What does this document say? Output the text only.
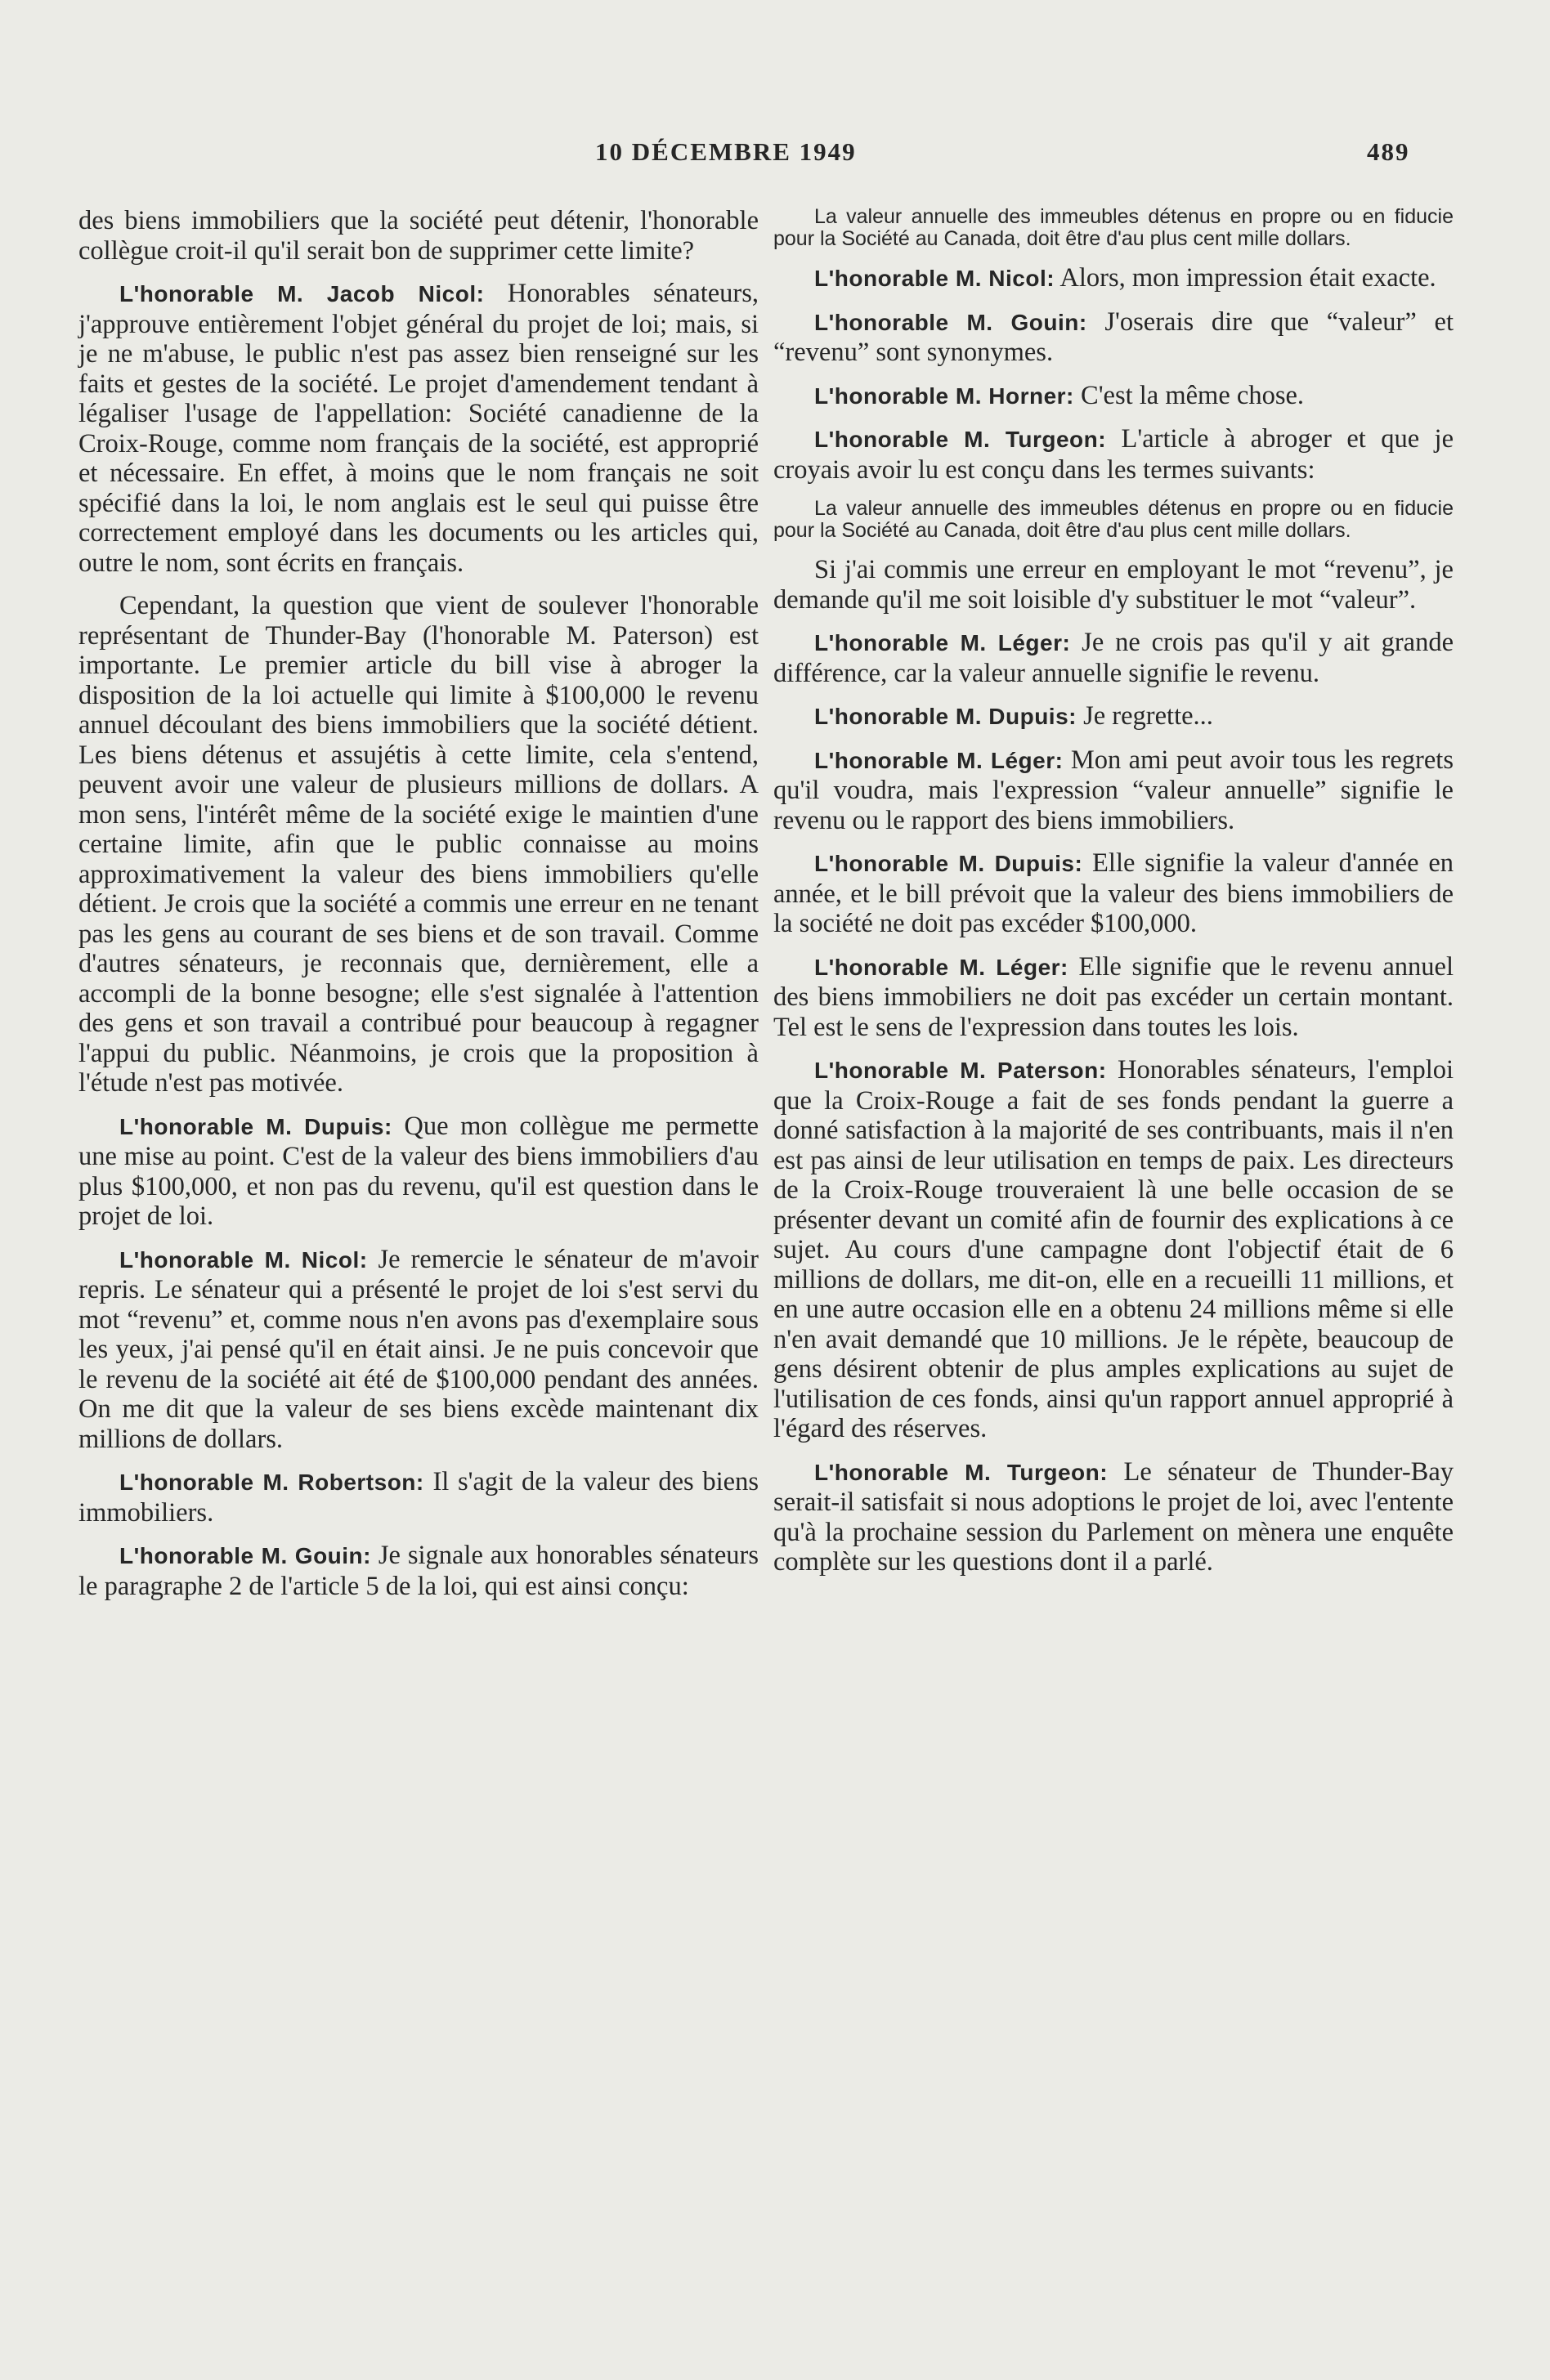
10 DÉCEMBRE 1949	489

des biens immobiliers que la société peut détenir, l'honorable collègue croit-il qu'il serait bon de supprimer cette limite?

L'honorable M. Jacob Nicol: Honorables sénateurs, j'approuve entièrement l'objet général du projet de loi; mais, si je ne m'abuse, le public n'est pas assez bien renseigné sur les faits et gestes de la société. Le projet d'amendement tendant à légaliser l'usage de l'appellation: Société canadienne de la Croix-Rouge, comme nom français de la société, est approprié et nécessaire. En effet, à moins que le nom français ne soit spécifié dans la loi, le nom anglais est le seul qui puisse être correctement employé dans les documents ou les articles qui, outre le nom, sont écrits en français.

Cependant, la question que vient de soulever l'honorable représentant de Thunder-Bay (l'honorable M. Paterson) est importante. Le premier article du bill vise à abroger la disposition de la loi actuelle qui limite à $100,000 le revenu annuel découlant des biens immobiliers que la société détient. Les biens détenus et assujétis à cette limite, cela s'entend, peuvent avoir une valeur de plusieurs millions de dollars. A mon sens, l'intérêt même de la société exige le maintien d'une certaine limite, afin que le public connaisse au moins approximativement la valeur des biens immobiliers qu'elle détient. Je crois que la société a commis une erreur en ne tenant pas les gens au courant de ses biens et de son travail. Comme d'autres sénateurs, je reconnais que, dernièrement, elle a accompli de la bonne besogne; elle s'est signalée à l'attention des gens et son travail a contribué pour beaucoup à regagner l'appui du public. Néanmoins, je crois que la proposition à l'étude n'est pas motivée.

L'honorable M. Dupuis: Que mon collègue me permette une mise au point. C'est de la valeur des biens immobiliers d'au plus $100,000, et non pas du revenu, qu'il est question dans le projet de loi.

L'honorable M. Nicol: Je remercie le sénateur de m'avoir repris. Le sénateur qui a présenté le projet de loi s'est servi du mot “revenu” et, comme nous n'en avons pas d'exemplaire sous les yeux, j'ai pensé qu'il en était ainsi. Je ne puis concevoir que le revenu de la société ait été de $100,000 pendant des années. On me dit que la valeur de ses biens excède maintenant dix millions de dollars.

L'honorable M. Robertson: Il s'agit de la valeur des biens immobiliers.

L'honorable M. Gouin: Je signale aux honorables sénateurs le paragraphe 2 de l'article 5 de la loi, qui est ainsi conçu:

La valeur annuelle des immeubles détenus en propre ou en fiducie pour la Société au Canada, doit être d'au plus cent mille dollars.

L'honorable M. Nicol: Alors, mon impression était exacte.

L'honorable M. Gouin: J'oserais dire que “valeur” et “revenu” sont synonymes.

L'honorable M. Horner: C'est la même chose.

L'honorable M. Turgeon: L'article à abroger et que je croyais avoir lu est conçu dans les termes suivants:

La valeur annuelle des immeubles détenus en propre ou en fiducie pour la Société au Canada, doit être d'au plus cent mille dollars.

Si j'ai commis une erreur en employant le mot “revenu”, je demande qu'il me soit loisible d'y substituer le mot “valeur”.

L'honorable M. Léger: Je ne crois pas qu'il y ait grande différence, car la valeur annuelle signifie le revenu.

L'honorable M. Dupuis: Je regrette...

L'honorable M. Léger: Mon ami peut avoir tous les regrets qu'il voudra, mais l'expression “valeur annuelle” signifie le revenu ou le rapport des biens immobiliers.

L'honorable M. Dupuis: Elle signifie la valeur d'année en année, et le bill prévoit que la valeur des biens immobiliers de la société ne doit pas excéder $100,000.

L'honorable M. Léger: Elle signifie que le revenu annuel des biens immobiliers ne doit pas excéder un certain montant. Tel est le sens de l'expression dans toutes les lois.

L'honorable M. Paterson: Honorables sénateurs, l'emploi que la Croix-Rouge a fait de ses fonds pendant la guerre a donné satisfaction à la majorité de ses contribuants, mais il n'en est pas ainsi de leur utilisation en temps de paix. Les directeurs de la Croix-Rouge trouveraient là une belle occasion de se présenter devant un comité afin de fournir des explications à ce sujet. Au cours d'une campagne dont l'objectif était de 6 millions de dollars, me dit-on, elle en a recueilli 11 millions, et en une autre occasion elle en a obtenu 24 millions même si elle n'en avait demandé que 10 millions. Je le répète, beaucoup de gens désirent obtenir de plus amples explications au sujet de l'utilisation de ces fonds, ainsi qu'un rapport annuel approprié à l'égard des réserves.

L'honorable M. Turgeon: Le sénateur de Thunder-Bay serait-il satisfait si nous adoptions le projet de loi, avec l'entente qu'à la prochaine session du Parlement on mènera une enquête complète sur les questions dont il a parlé.
